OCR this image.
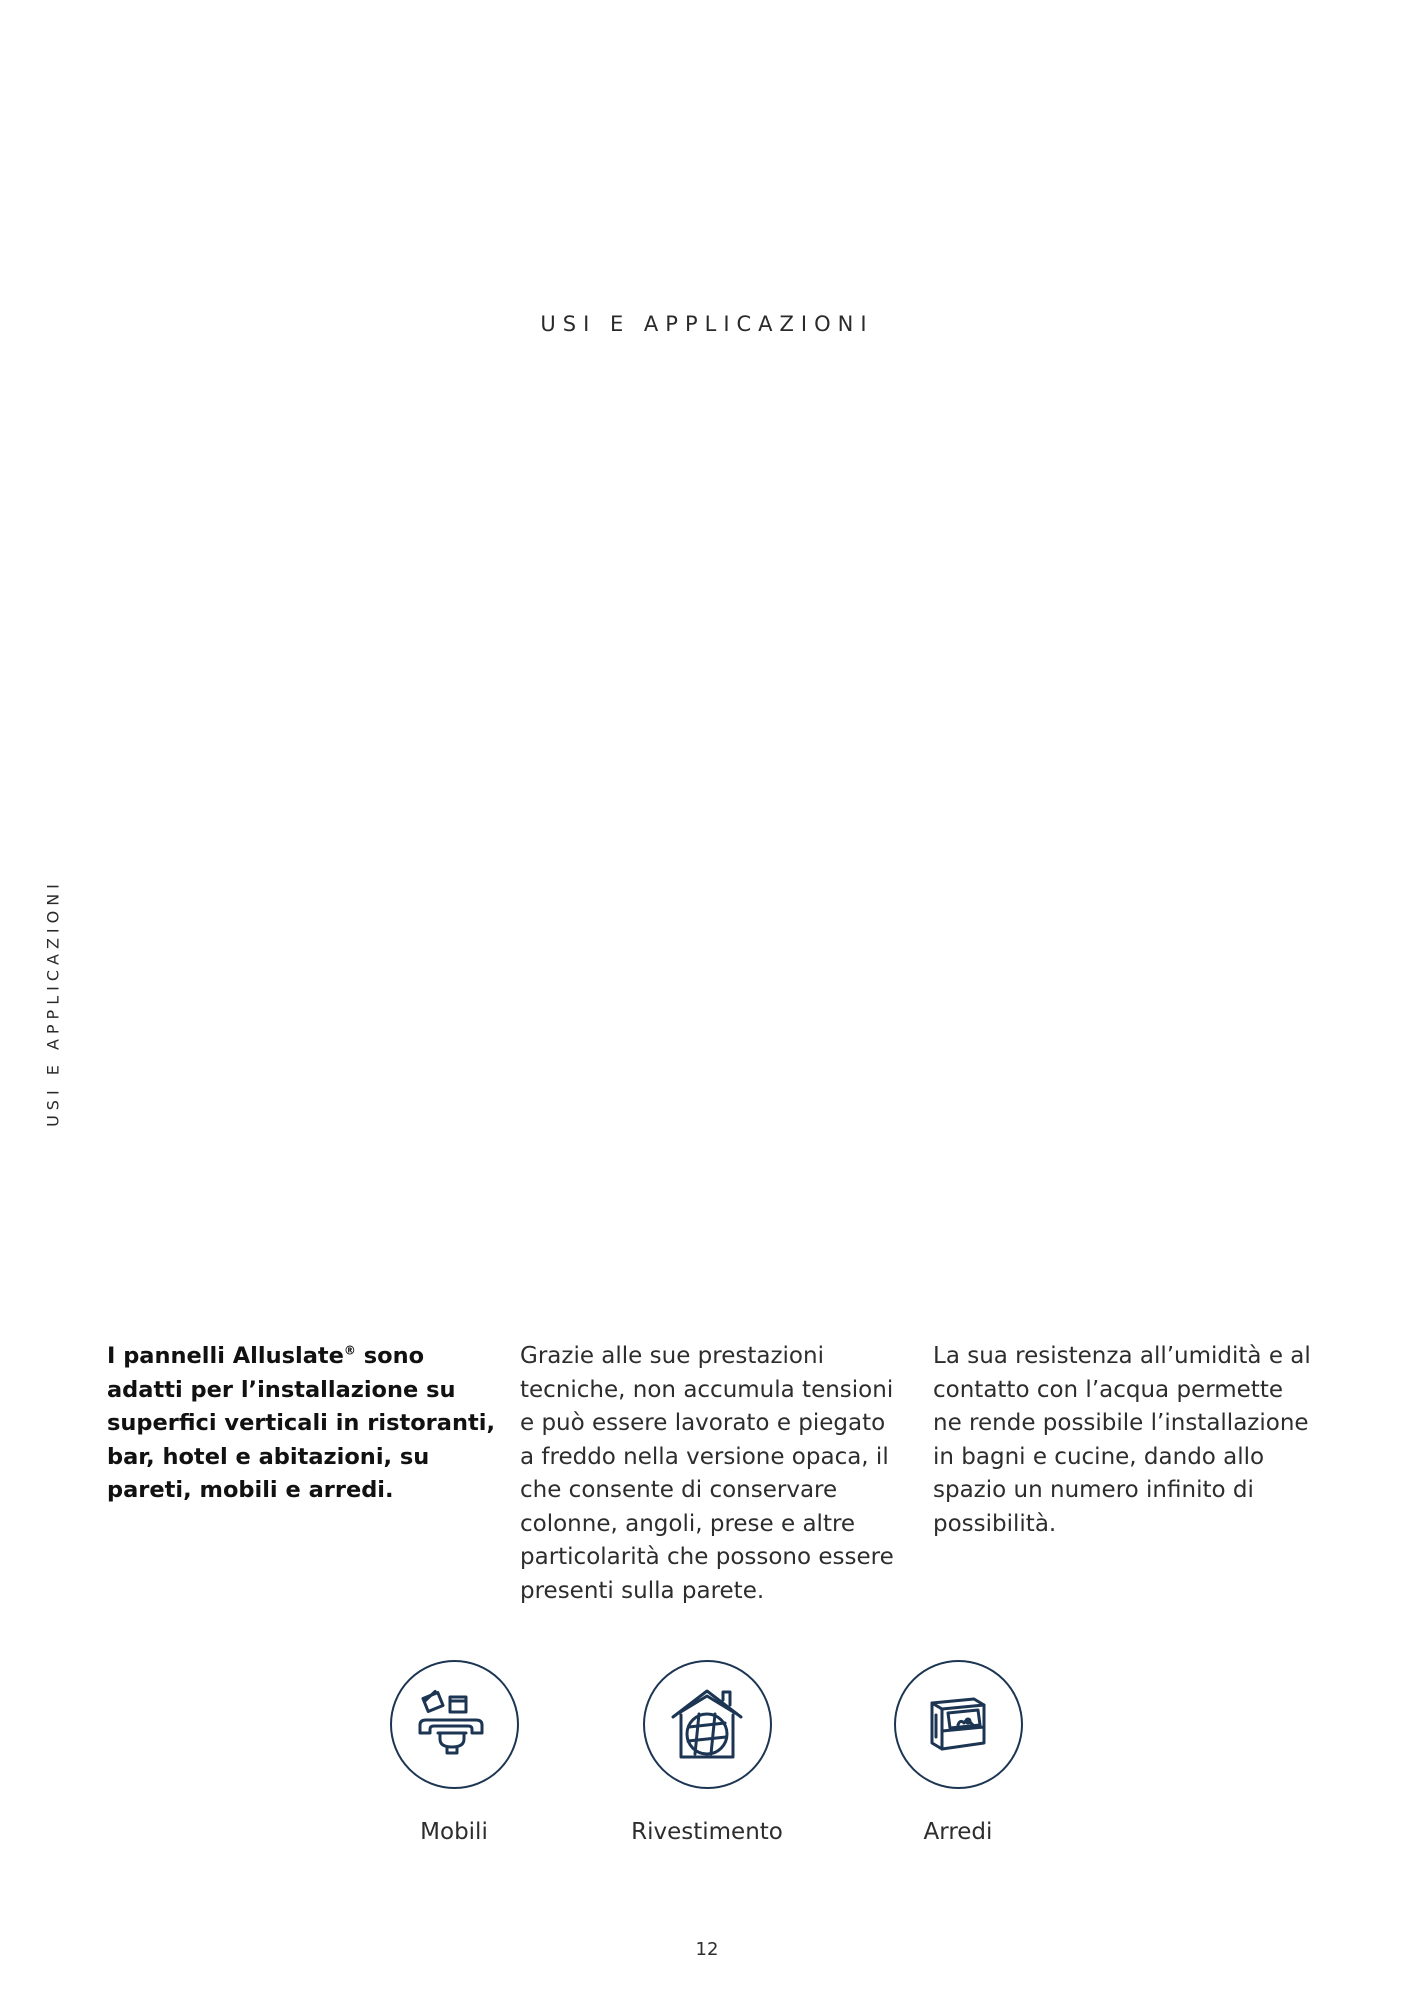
USI E APPLICAZIONI
USI E APPLICAZIONI
I pannelli Alluslate® sono adatti per l’installazione su superfici verticali in ristoranti, bar, hotel e abitazioni, su pareti, mobili e arredi.
Grazie alle sue prestazioni tecniche, non accumula tensioni e può essere lavorato e piegato a freddo nella versione opaca, il che consente di conservare colonne, angoli, prese e altre particolarità che possono essere presenti sulla parete.
La sua resistenza all’umidità e al contatto con l’acqua permette ne rende possibile l’installazione in bagni e cucine, dando allo spazio un numero infinito di possibilità.
Mobili	Rivestimento	Arredi
12
